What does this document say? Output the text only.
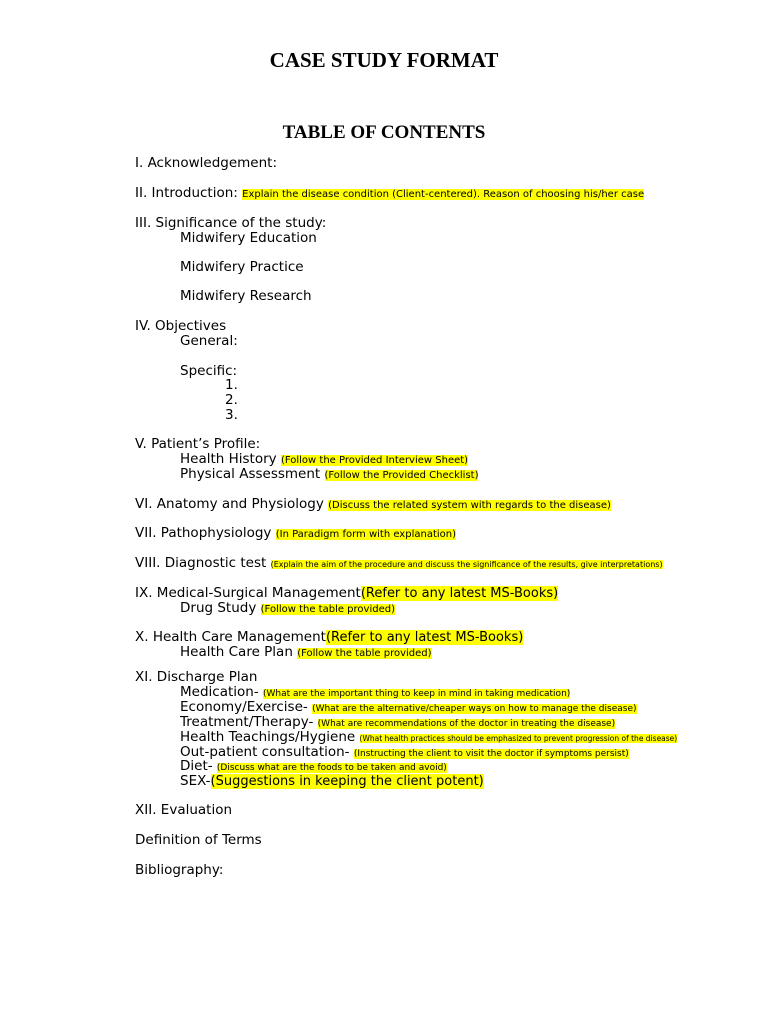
CASE STUDY FORMAT
TABLE OF CONTENTS
I. Acknowledgement:
II. Introduction: Explain the disease condition (Client-centered). Reason of choosing his/her case
III. Significance of the study:
Midwifery Education
Midwifery Practice
Midwifery Research
IV. Objectives
General:
Specific:
1.
2.
3.
V. Patient’s Profile:
Health History (Follow the Provided Interview Sheet)
Physical Assessment (Follow the Provided Checklist)
VI. Anatomy and Physiology (Discuss the related system with regards to the disease)
VII. Pathophysiology (In Paradigm form with explanation)
VIII. Diagnostic test (Explain the aim of the procedure and discuss the significance of the results, give interpretations)
IX. Medical-Surgical Management(Refer to any latest MS-Books)
Drug Study (Follow the table provided)
X. Health Care Management(Refer to any latest MS-Books)
Health Care Plan (Follow the table provided)
XI. Discharge Plan
Medication- (What are the important thing to keep in mind in taking medication)
Economy/Exercise- (What are the alternative/cheaper ways on how to manage the disease)
Treatment/Therapy- (What are recommendations of the doctor in treating the disease)
Health Teachings/Hygiene (What health practices should be emphasized to prevent progression of the disease)
Out-patient consultation- (Instructing the client to visit the doctor if symptoms persist)
Diet- (Discuss what are the foods to be taken and avoid)
SEX-(Suggestions in keeping the client potent)
XII. Evaluation
Definition of Terms
Bibliography:
